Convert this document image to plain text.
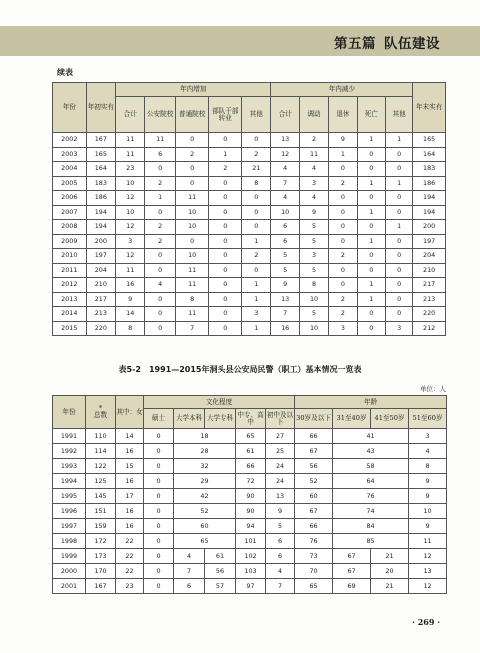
第五篇 队伍建设
续表
年份	年初实有	年内增加					年内减少					年末实有
		合计	公安院校	普通院校	部队干部转业	其他	合计	调动	退休	死亡	其他	
2002	167	11	11	0	0	0	13	2	9	1	1	165
2003	165	11	6	2	1	2	12	11	1	0	0	164
2004	164	23	0	0	2	21	4	4	0	0	0	183
2005	183	10	2	0	0	8	7	3	2	1	1	186
2006	186	12	1	11	0	0	4	4	0	0	0	194
2007	194	10	0	10	0	0	10	9	0	1	0	194
2008	194	12	2	10	0	0	6	5	0	0	1	200
2009	200	3	2	0	0	1	6	5	0	1	0	197
2010	197	12	0	10	0	2	5	3	2	0	0	204
2011	204	11	0	11	0	0	5	5	0	0	0	210
2012	210	16	4	11	0	1	9	8	0	1	0	217
2013	217	9	0	8	0	1	13	10	2	1	0	213
2014	213	14	0	11	0	3	7	5	2	0	0	220
2015	220	8	0	7	0	1	16	10	3	0	3	212
表5-2　1991—2015年洞头县公安局民警（职工）基本情况一览表
单位：人
年份	*
总数	其中：女	文化程度					年龄			
			硕士	大学本科	大学专科	中专、高中	初中及以下	30岁及以下	31至40岁	41至50岁	51至60岁
1991	110	14	0	18		65	27	66	41		3
1992	114	16	0	28		61	25	67	43		4
1993	122	15	0	32		66	24	56	58		8
1994	125	16	0	29		72	24	52	64		9
1995	145	17	0	42		90	13	60	76		9
1996	151	16	0	52		90	9	67	74		10
1997	159	16	0	60		94	5	66	84		9
1998	172	22	0	65		101	6	76	85		11
1999	173	22	0	4	61	102	6	73	67	21	12
2000	170	22	0	7	56	103	4	70	67	20	13
2001	167	23	0	6	57	97	7	65	69	21	12
· 269 ·
